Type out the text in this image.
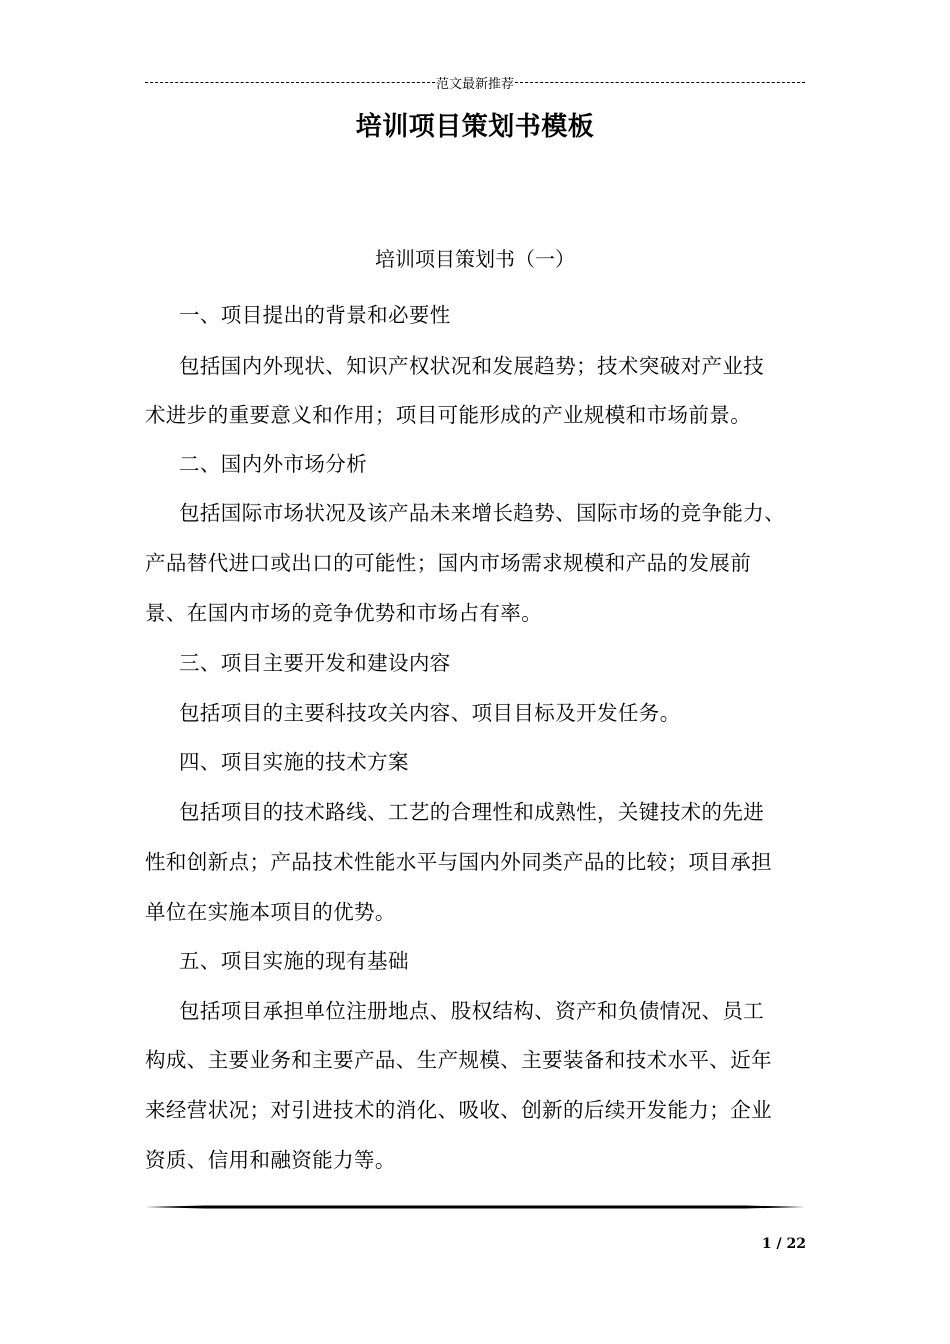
范文最新推荐
培训项目策划书模板
培训项目策划书（一）
一、项目提出的背景和必要性
包括国内外现状、知识产权状况和发展趋势；技术突破对产业技
术进步的重要意义和作用；项目可能形成的产业规模和市场前景。
二、国内外市场分析
包括国际市场状况及该产品未来增长趋势、国际市场的竞争能力、
产品替代进口或出口的可能性；国内市场需求规模和产品的发展前
景、在国内市场的竞争优势和市场占有率。
三、项目主要开发和建设内容
包括项目的主要科技攻关内容、项目目标及开发任务。
四、项目实施的技术方案
包括项目的技术路线、工艺的合理性和成熟性，关键技术的先进
性和创新点；产品技术性能水平与国内外同类产品的比较；项目承担
单位在实施本项目的优势。
五、项目实施的现有基础
包括项目承担单位注册地点、股权结构、资产和负债情况、员工
构成、主要业务和主要产品、生产规模、主要装备和技术水平、近年
来经营状况；对引进技术的消化、吸收、创新的后续开发能力；企业
资质、信用和融资能力等。
1 / 22
